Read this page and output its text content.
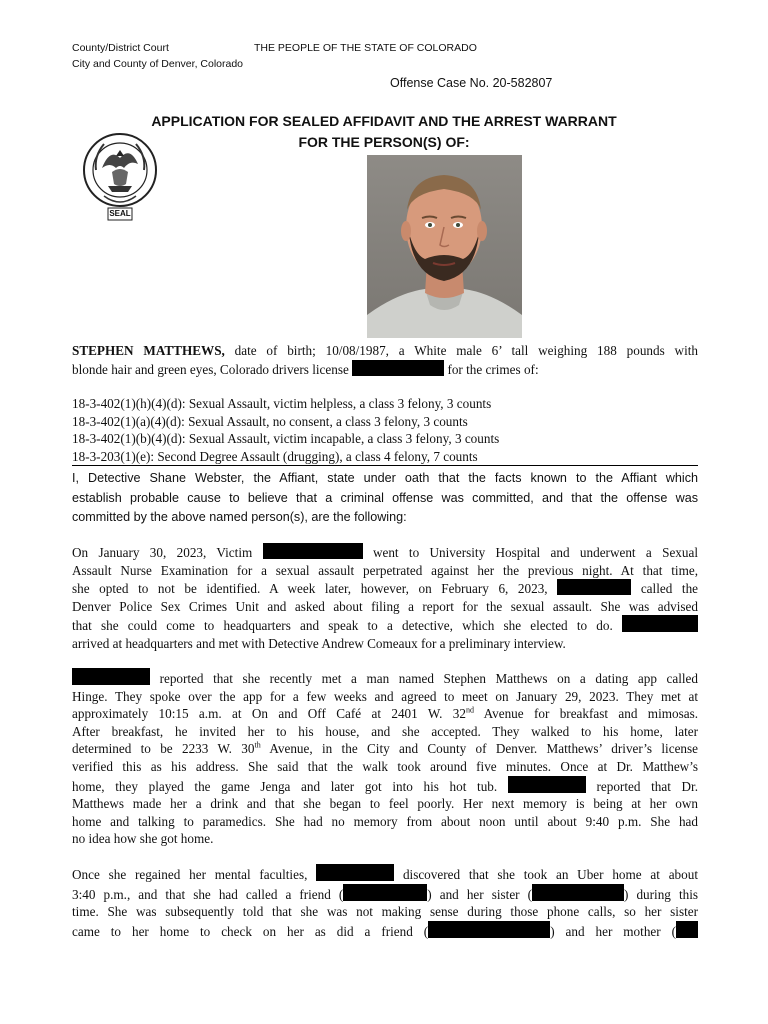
County/District Court	THE PEOPLE OF THE STATE OF COLORADO
City and County of Denver, Colorado
Offense Case No. 20-582807
APPLICATION FOR SEALED AFFIDAVIT AND THE ARREST WARRANT
FOR THE PERSON(S) OF:
SEAL
STEPHEN MATTHEWS, date of birth; 10/08/1987, a White male 6’ tall weighing 188 pounds with
blonde hair and green eyes, Colorado drivers license	for the crimes of:
18-3-402(1)(h)(4)(d): Sexual Assault, victim helpless, a class 3 felony, 3 counts
18-3-402(1)(a)(4)(d): Sexual Assault, no consent, a class 3 felony, 3 counts
18-3-402(1)(b)(4)(d): Sexual Assault, victim incapable, a class 3 felony, 3 counts
18-3-203(1)(e): Second Degree Assault (drugging), a class 4 felony, 7 counts
I, Detective Shane Webster, the Affiant, state under oath that the facts known to the Affiant which
establish probable cause to believe that a criminal offense was committed, and that the offense was
committed by the above named person(s), are the following:
On January 30, 2023, Victim	went to University Hospital and underwent a Sexual
Assault Nurse Examination for a sexual assault perpetrated against her the previous night. At that time,
she opted to not be identified. A week later, however, on February 6, 2023,	called the
Denver Police Sex Crimes Unit and asked about filing a report for the sexual assault. She was advised
that she could come to headquarters and speak to a detective, which she elected to do.
arrived at headquarters and met with Detective Andrew Comeaux for a preliminary interview.
reported that she recently met a man named Stephen Matthews on a dating app called
Hinge. They spoke over the app for a few weeks and agreed to meet on January 29, 2023. They met at
approximately 10:15 a.m. at On and Off Café at 2401 W. 32nd Avenue for breakfast and mimosas.
After breakfast, he invited her to his house, and she accepted. They walked to his home, later
determined to be 2233 W. 30th Avenue, in the City and County of Denver. Matthews’ driver’s license
verified this as his address. She said that the walk took around five minutes. Once at Dr. Matthew’s
home, they played the game Jenga and later got into his hot tub.	reported that Dr.
Matthews made her a drink and that she began to feel poorly. Her next memory is being at her own
home and talking to paramedics. She had no memory from about noon until about 9:40 p.m. She had
no idea how she got home.
Once she regained her mental faculties,	discovered that she took an Uber home at about
3:40 p.m., and that she had called a friend (	) and her sister (	) during this
time. She was subsequently told that she was not making sense during those phone calls, so her sister
came to her home to check on her as did a friend (	) and her mother (
